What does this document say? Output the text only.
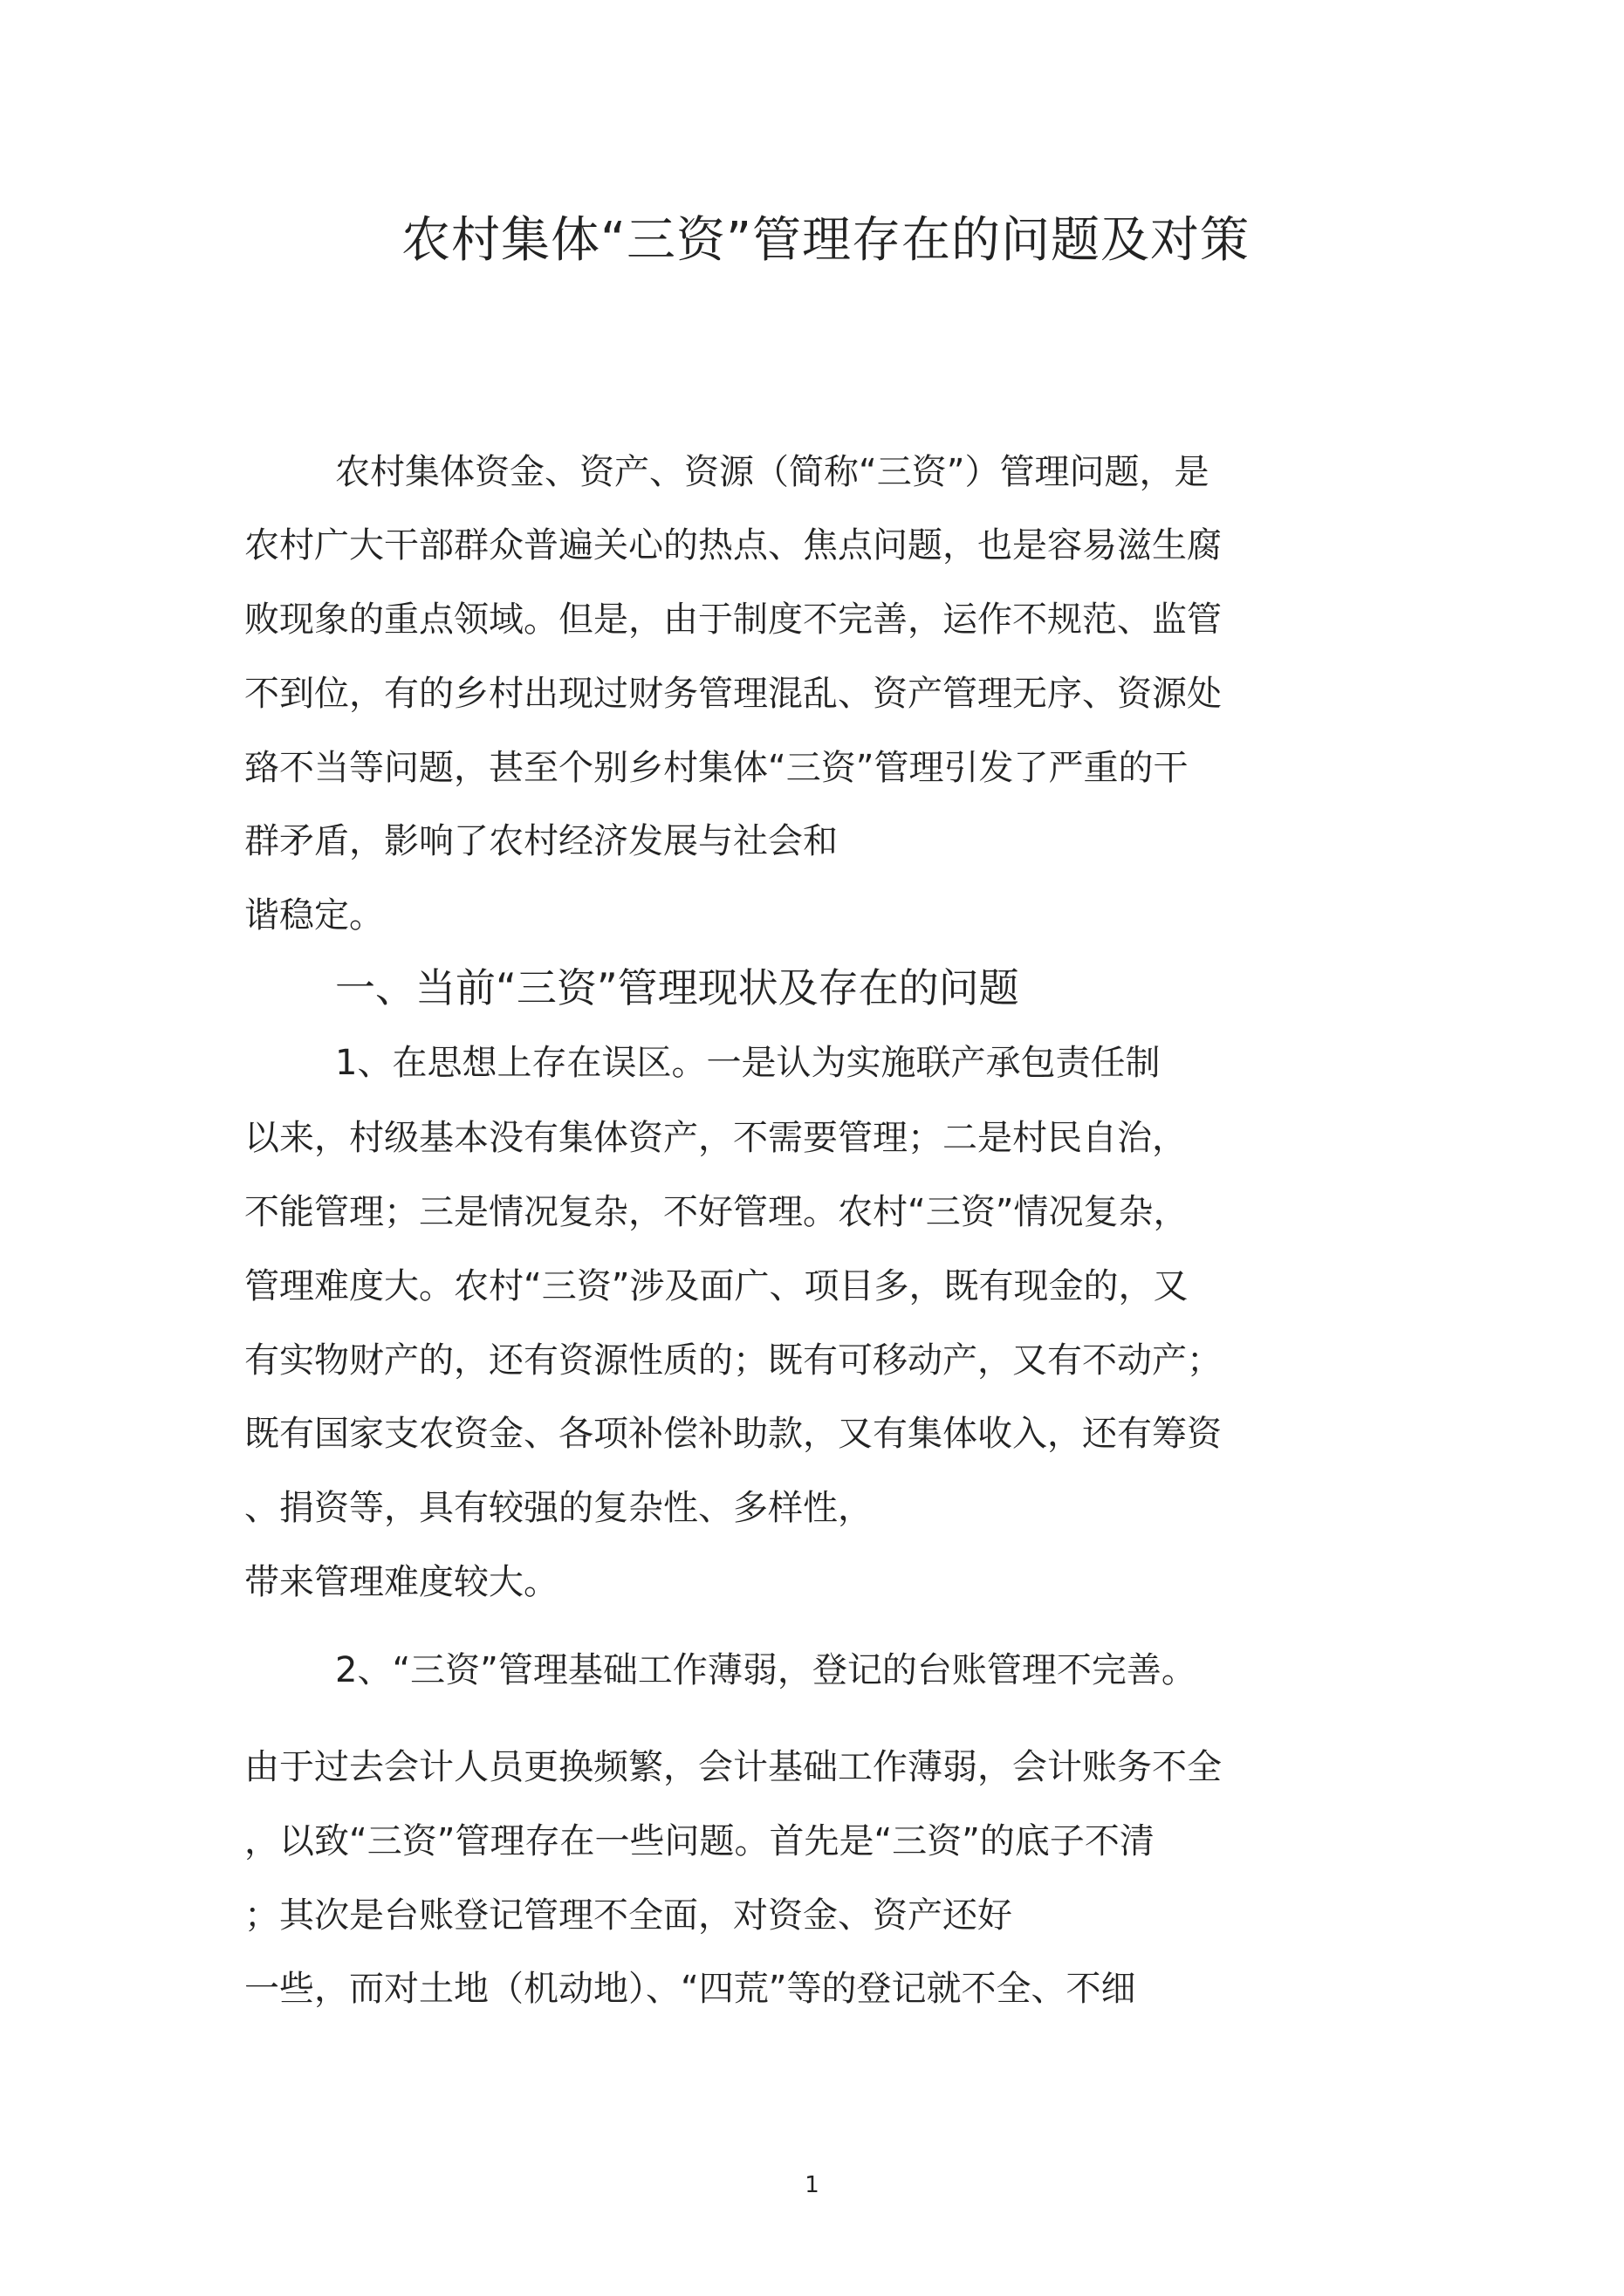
农村集体“三资”管理存在的问题及对策
农村集体资金、资产、资源（简称“三资”）管理问题，是
农村广大干部群众普遍关心的热点、焦点问题，也是容易滋生腐
败现象的重点领域。但是，由于制度不完善，运作不规范、监管
不到位，有的乡村出现过财务管理混乱、资产管理无序、资源处
臵不当等问题，甚至个别乡村集体“三资”管理引发了严重的干
群矛盾，影响了农村经济发展与社会和
谐稳定。
一、当前“三资”管理现状及存在的问题
1、在思想上存在误区。一是认为实施联产承包责任制
以来，村级基本没有集体资产，不需要管理；二是村民自治，
不能管理；三是情况复杂，不好管理。农村“三资”情况复杂，
管理难度大。农村“三资”涉及面广、项目多，既有现金的，又
有实物财产的，还有资源性质的；既有可移动产，又有不动产；
既有国家支农资金、各项补偿补助款，又有集体收入，还有筹资
、捐资等，具有较强的复杂性、多样性，
带来管理难度较大。
2、“三资”管理基础工作薄弱，登记的台账管理不完善。
由于过去会计人员更换频繁，会计基础工作薄弱，会计账务不全
，以致“三资”管理存在一些问题。首先是“三资”的底子不清
；其次是台账登记管理不全面，对资金、资产还好
一些，而对土地（机动地）、“四荒”等的登记就不全、不细
1
